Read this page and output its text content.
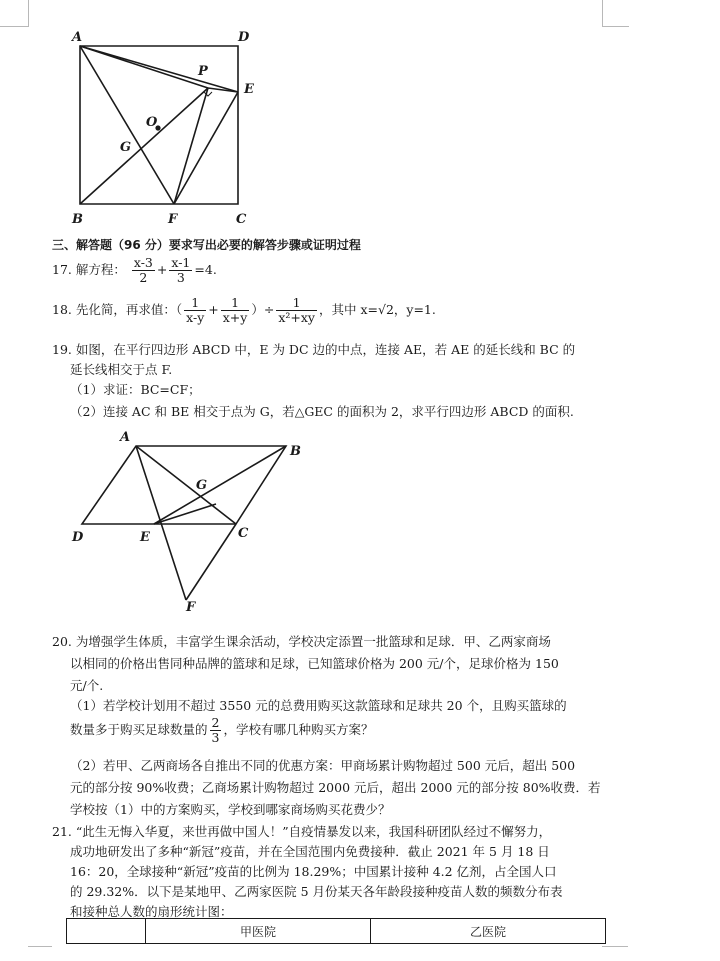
A	D
P
E
O
G
B	F	C
三、解答题（96 分）要求写出必要的解答步骤或证明过程
17. 解方程： $\frac{x-3}{2} + \frac{x-1}{3} =4$.
18. 先化简，再求值：（ $\frac{1}{x-y} + \frac{1}{x+y}$ ）÷ $\frac{1}{\text{x²+xy}}$ ，其中 x=√2，y=1.
19. 如图，在平行四边形 ABCD 中，E 为 DC 边的中点，连接 AE，若 AE 的延长线和 BC 的
延长线相交于点 F.
（1）求证：BC=CF；
（2）连接 AC 和 BE 相交于点为 G，若△GEC 的面积为 2，求平行四边形 ABCD 的面积.
A
B
G
D	E	C
F
20. 为增强学生体质，丰富学生课余活动，学校决定添置一批篮球和足球．甲、乙两家商场
以相同的价格出售同种品牌的篮球和足球，已知篮球价格为 200 元/个，足球价格为 150
元/个.
（1）若学校计划用不超过 3550 元的总费用购买这款篮球和足球共 20 个，且购买篮球的
数量多于购买足球数量的 $\frac{2}{3}$ ，学校有哪几种购买方案？
（2）若甲、乙两商场各自推出不同的优惠方案：甲商场累计购物超过 500 元后，超出 500
元的部分按 90%收费；乙商场累计购物超过 2000 元后，超出 2000 元的部分按 80%收费．若
学校按（1）中的方案购买，学校到哪家商场购买花费少？
21. “此生无悔入华夏，来世再做中国人！”自疫情暴发以来，我国科研团队经过不懈努力，
成功地研发出了多种“新冠”疫苗，并在全国范围内免费接种．截止 2021 年 5 月 18 日
16：20，全球接种“新冠”疫苗的比例为 18.29%；中国累计接种 4.2 亿剂，占全国人口
的 29.32%．以下是某地甲、乙两家医院 5 月份某天各年龄段接种疫苗人数的频数分布表
和接种总人数的扇形统计图：
	甲医院	乙医院
